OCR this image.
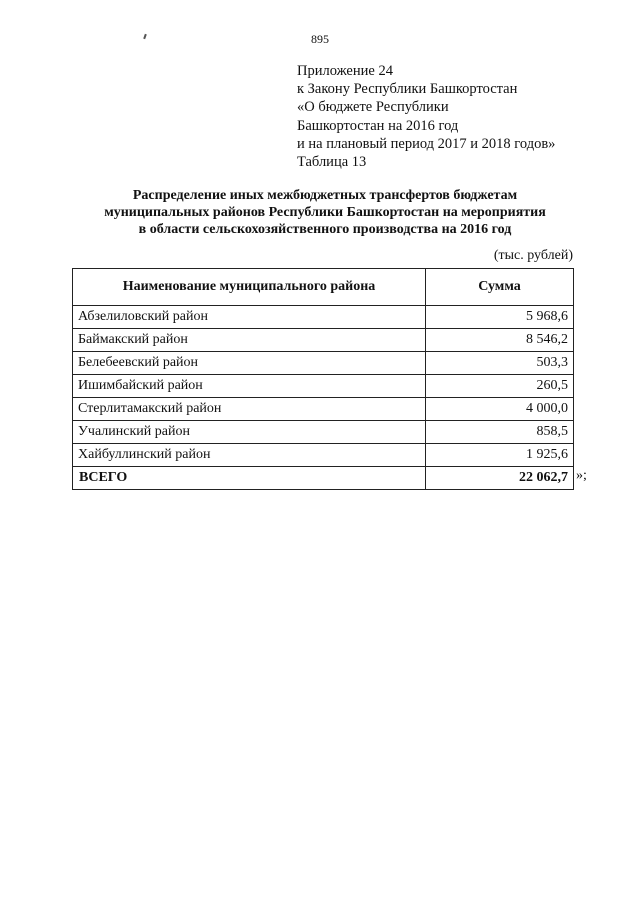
895
Приложение 24
к Закону Республики Башкортостан
«О бюджете Республики
Башкортостан на 2016 год
и на плановый период 2017 и 2018 годов»
Таблица 13
Распределение иных межбюджетных трансфертов бюджетам
муниципальных районов Республики Башкортостан на мероприятия
в области сельскохозяйственного производства на 2016 год
(тыс. рублей)
Наименование муниципального района	Сумма
Абзелиловский район	5 968,6
Баймакский район	8 546,2
Белебеевский район	503,3
Ишимбайский район	260,5
Стерлитамакский район	4 000,0
Учалинский район	858,5
Хайбуллинский район	1 925,6
ВСЕГО	22 062,7 »;
